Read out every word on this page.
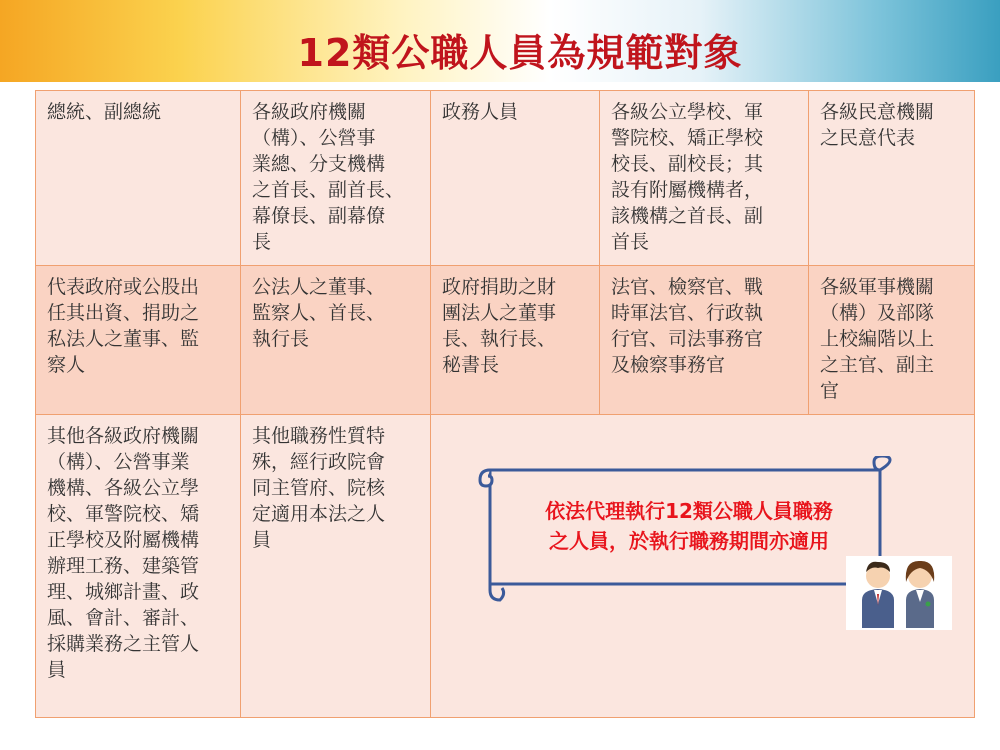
12類公職人員為規範對象
總統、副總統	各級政府機關
（構）、公營事
業總、分支機構
之首長、副首長、
幕僚長、副幕僚
長
政務人員	各級公立學校、軍
警院校、矯正學校
校長、副校長；其
設有附屬機構者，
該機構之首長、副
首長
各級民意機關
之民意代表
代表政府或公股出
任其出資、捐助之
私法人之董事、監
察人
公法人之董事、
監察人、首長、
執行長
政府捐助之財
團法人之董事
長、執行長、
秘書長
法官、檢察官、戰
時軍法官、行政執
行官、司法事務官
及檢察事務官
各級軍事機關
（構）及部隊
上校編階以上
之主官、副主
官
其他各級政府機關
（構）、公營事業
機構、各級公立學
校、軍警院校、矯
正學校及附屬機構
辦理工務、建築管
理、城鄉計畫、政
風、會計、審計、
採購業務之主管人
員
其他職務性質特
殊，經行政院會
同主管府、院核
定適用本法之人
員
依法代理執行12類公職人員職務
之人員，於執行職務期間亦適用
